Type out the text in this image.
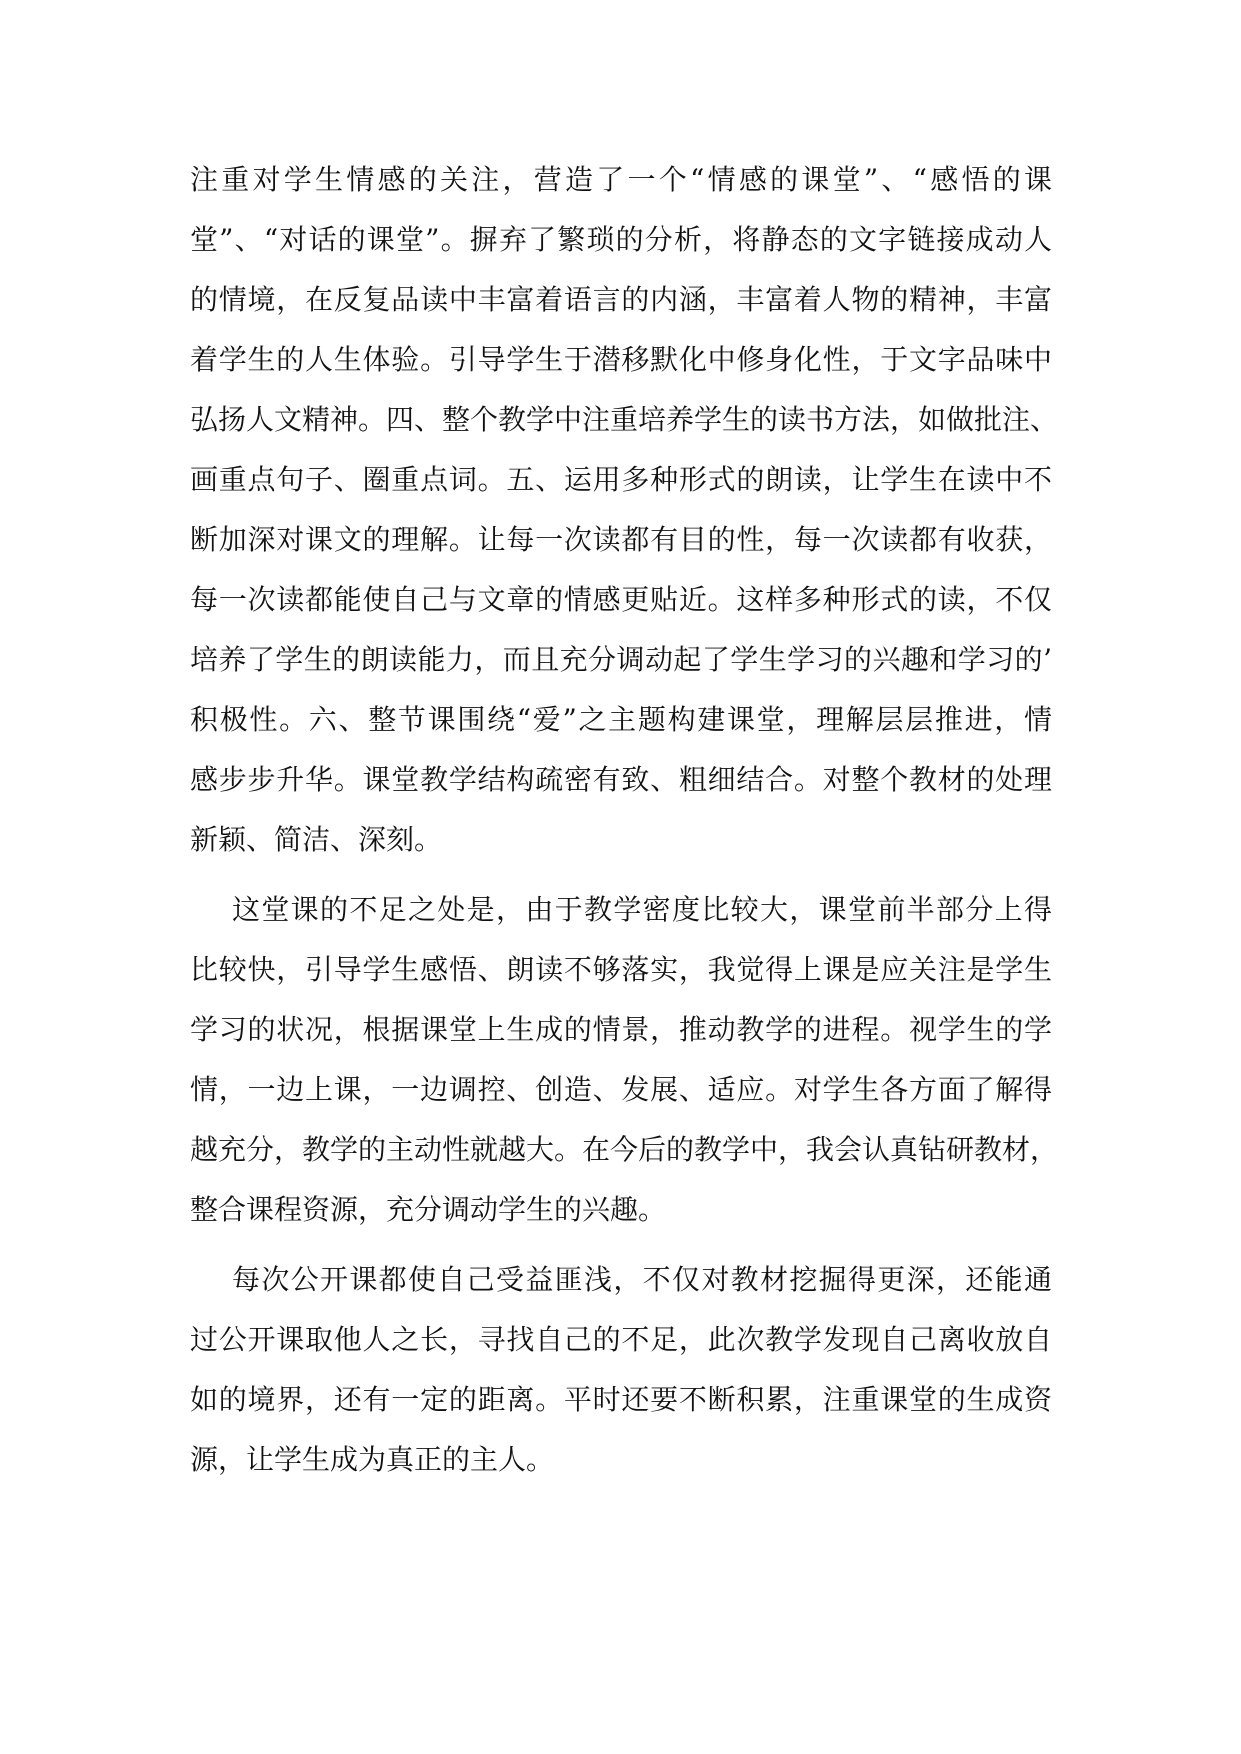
注重对学生情感的关注，营造了一个“情感的课堂”、“感悟的课
堂”、“对话的课堂”。摒弃了繁琐的分析，将静态的文字链接成动人
的情境，在反复品读中丰富着语言的内涵，丰富着人物的精神，丰富
着学生的人生体验。引导学生于潜移默化中修身化性，于文字品味中
弘扬人文精神。四、整个教学中注重培养学生的读书方法，如做批注、
画重点句子、圈重点词。五、运用多种形式的朗读，让学生在读中不
断加深对课文的理解。让每一次读都有目的性，每一次读都有收获，
每一次读都能使自己与文章的情感更贴近。这样多种形式的读，不仅
培养了学生的朗读能力，而且充分调动起了学生学习的兴趣和学习的’
积极性。六、整节课围绕“爱”之主题构建课堂，理解层层推进，情
感步步升华。课堂教学结构疏密有致、粗细结合。对整个教材的处理
新颖、简洁、深刻。
这堂课的不足之处是，由于教学密度比较大，课堂前半部分上得
比较快，引导学生感悟、朗读不够落实，我觉得上课是应关注是学生
学习的状况，根据课堂上生成的情景，推动教学的进程。视学生的学
情，一边上课，一边调控、创造、发展、适应。对学生各方面了解得
越充分，教学的主动性就越大。在今后的教学中，我会认真钻研教材，
整合课程资源，充分调动学生的兴趣。
每次公开课都使自己受益匪浅，不仅对教材挖掘得更深，还能通
过公开课取他人之长，寻找自己的不足，此次教学发现自己离收放自
如的境界，还有一定的距离。平时还要不断积累，注重课堂的生成资
源，让学生成为真正的主人。
